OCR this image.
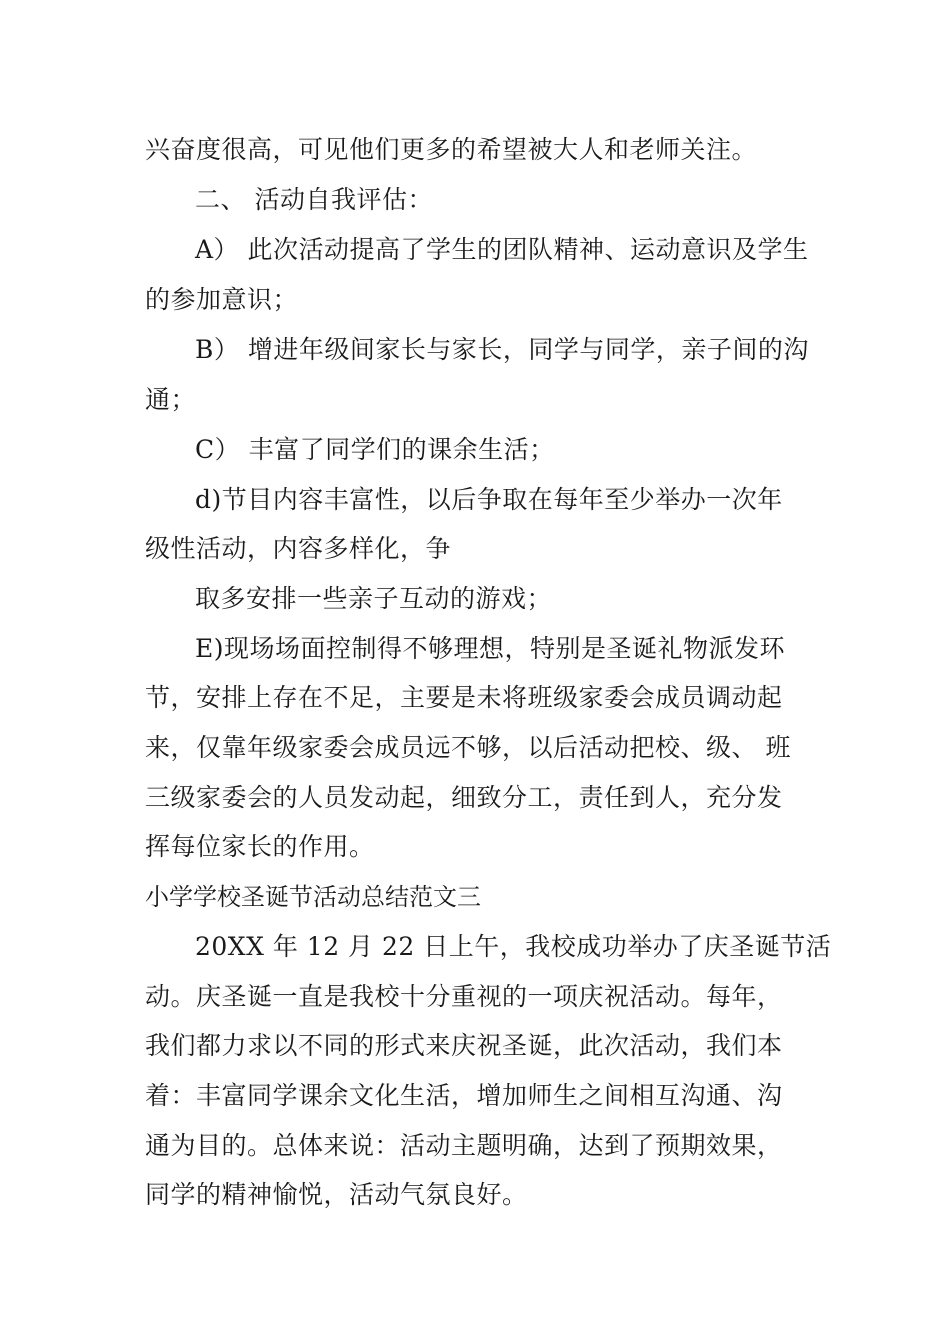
兴奋度很高，可见他们更多的希望被大人和老师关注。
二、 活动自我评估：
A） 此次活动提高了学生的团队精神、运动意识及学生
的参加意识；
B） 增进年级间家长与家长，同学与同学，亲子间的沟
通；
C） 丰富了同学们的课余生活；
d)节目内容丰富性，以后争取在每年至少举办一次年
级性活动，内容多样化，争
取多安排一些亲子互动的游戏；
E)现场场面控制得不够理想，特别是圣诞礼物派发环
节，安排上存在不足，主要是未将班级家委会成员调动起
来，仅靠年级家委会成员远不够，以后活动把校、级、 班
三级家委会的人员发动起，细致分工，责任到人，充分发
挥每位家长的作用。
小学学校圣诞节活动总结范文三
20XX 年 12 月 22 日上午，我校成功举办了庆圣诞节活
动。庆圣诞一直是我校十分重视的一项庆祝活动。每年，
我们都力求以不同的形式来庆祝圣诞，此次活动，我们本
着：丰富同学课余文化生活，增加师生之间相互沟通、沟
通为目的。总体来说：活动主题明确，达到了预期效果，
同学的精神愉悦，活动气氛良好。
